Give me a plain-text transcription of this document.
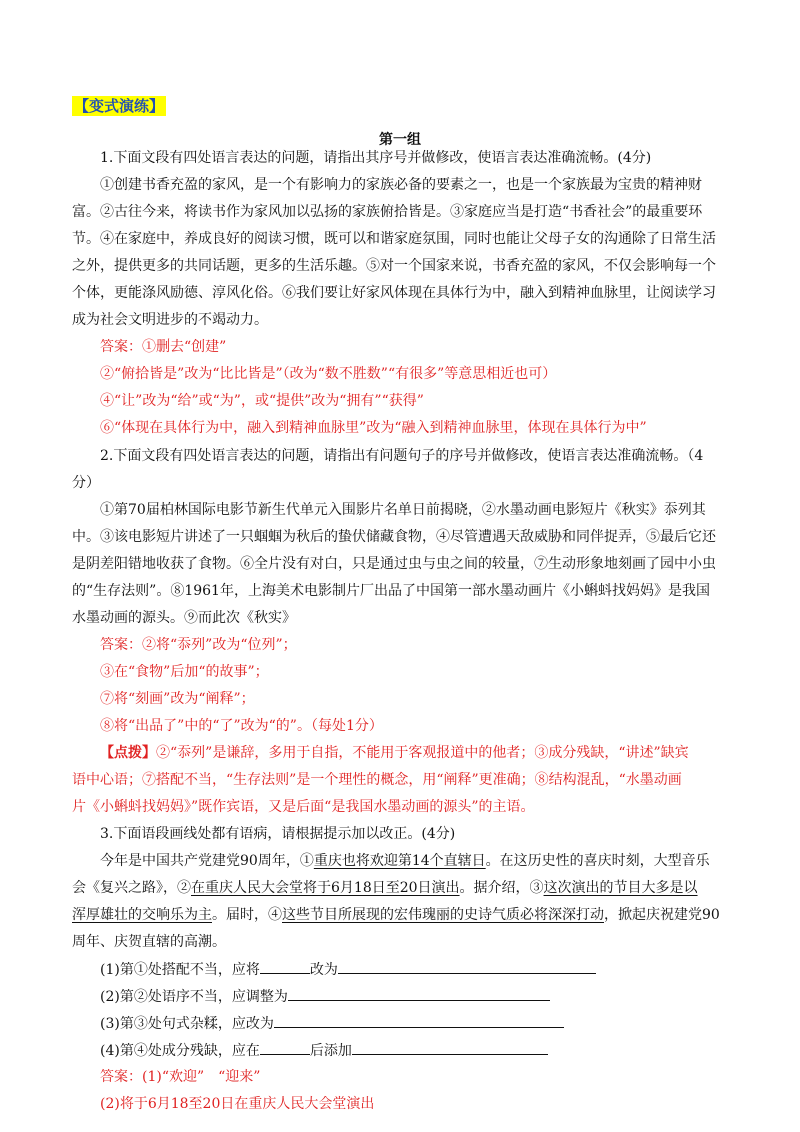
【变式演练】
第一组
1.下面文段有四处语言表达的问题，请指出其序号并做修改，使语言表达准确流畅。(4分)
①创建书香充盈的家风，是一个有影响力的家族必备的要素之一，也是一个家族最为宝贵的精神财
富。②古往今来，将读书作为家风加以弘扬的家族俯拾皆是。③家庭应当是打造“书香社会”的最重要环
节。④在家庭中，养成良好的阅读习惯，既可以和谐家庭氛围，同时也能让父母子女的沟通除了日常生活
之外，提供更多的共同话题，更多的生活乐趣。⑤对一个国家来说，书香充盈的家风，不仅会影响每一个
个体，更能涤风励德、淳风化俗。⑥我们要让好家风体现在具体行为中，融入到精神血脉里，让阅读学习
成为社会文明进步的不竭动力。
答案：①删去“创建”
②“俯拾皆是”改为“比比皆是”（改为“数不胜数”“有很多”等意思相近也可）
④“让”改为“给”或“为”，或“提供”改为“拥有”“获得”
⑥“体现在具体行为中，融入到精神血脉里”改为“融入到精神血脉里，体现在具体行为中”
2.下面文段有四处语言表达的问题，请指出有问题句子的序号并做修改，使语言表达准确流畅。（4
分）
①第70届柏林国际电影节新生代单元入围影片名单日前揭晓，②水墨动画电影短片《秋实》忝列其
中。③该电影短片讲述了一只蝈蝈为秋后的蛰伏储藏食物，④尽管遭遇天敌威胁和同伴捉弄，⑤最后它还
是阴差阳错地收获了食物。⑥全片没有对白，只是通过虫与虫之间的较量，⑦生动形象地刻画了园中小虫
的“生存法则”。⑧1961年，上海美术电影制片厂出品了中国第一部水墨动画片《小蝌蚪找妈妈》是我国
水墨动画的源头。⑨而此次《秋实》
答案：②将“忝列”改为“位列”；
③在“食物”后加“的故事”；
⑦将“刻画”改为“阐释”；
⑧将“出品了”中的“了”改为“的”。（每处1分）
【点拨】②“忝列”是谦辞，多用于自指，不能用于客观报道中的他者；③成分残缺，“讲述”缺宾
语中心语；⑦搭配不当，“生存法则”是一个理性的概念，用“阐释”更准确；⑧结构混乱，“水墨动画
片《小蝌蚪找妈妈》”既作宾语，又是后面“是我国水墨动画的源头”的主语。
3.下面语段画线处都有语病，请根据提示加以改正。(4分)
今年是中国共产党建党90周年，①重庆也将欢迎第14个直辖日。在这历史性的喜庆时刻，大型音乐
会《复兴之路》，②在重庆人民大会堂将于6月18日至20日演出。据介绍，③这次演出的节目大多是以
浑厚雄壮的交响乐为主。届时，④这些节目所展现的宏伟瑰丽的史诗气质必将深深打动，掀起庆祝建党90
周年、庆贺直辖的高潮。
(1)第①处搭配不当，应将	改为
(2)第②处语序不当，应调整为
(3)第③处句式杂糅，应改为
(4)第④处成分残缺，应在	后添加
答案：(1)“欢迎”　“迎来”
(2)将于6月18至20日在重庆人民大会堂演出
